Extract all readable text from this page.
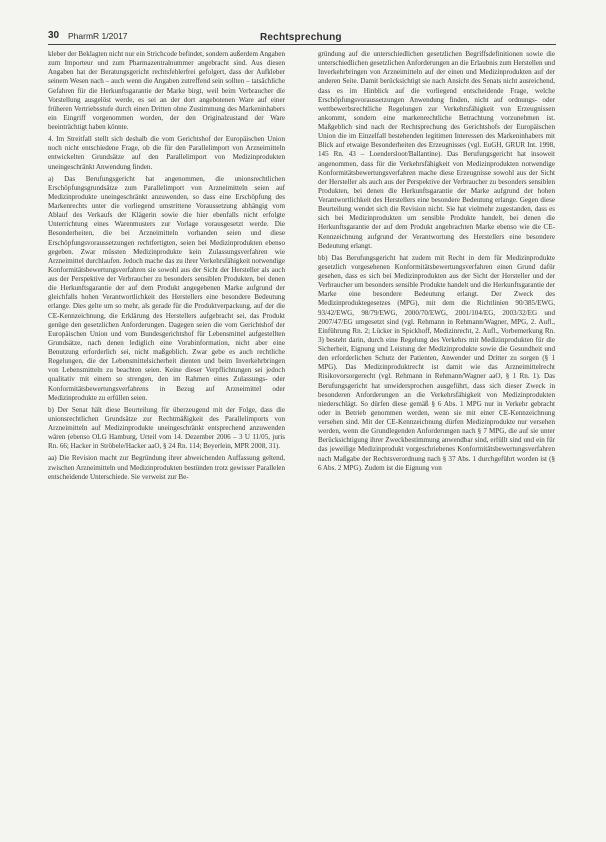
30 PharmR 1/2017	Rechtsprechung

kleber der Beklagten nicht nur ein Strichcode befindet, sondern außerdem Angaben zum Importeur und zum Pharmazentralnummer angebracht sind. Aus diesen Angaben hat der Beratungsgericht rechtsfehlerfrei gefolgert, dass der Aufkleber seinem Wesen nach – auch wenn die Angaben zutreffend sein sollten – tatsächliche Gefahren für die Herkunftsgarantie der Marke birgt, weil beim Verbraucher die Vorstellung ausgelöst werde, es sei an der dort angebotenen Ware auf einer früheren Vertriebsstufe durch einen Dritten ohne Zustimmung des Markeninhabers ein Eingriff vorgenommen worden, der den Originalzustand der Ware beeinträchtigt haben könnte.

4. Im Streitfall stellt sich deshalb die vom Gerichtshof der Europäischen Union noch nicht entschiedene Frage, ob die für den Parallelimport von Arzneimitteln entwickelten Grundsätze auf den Parallelimport von Medizinprodukten uneingeschränkt Anwendung finden.

a) Das Berufungsgericht hat angenommen, die unionsrechtlichen Erschöpfungsgrundsätze zum Parallelimport von Arzneimitteln seien auf Medizinprodukte uneingeschränkt anzuwenden, so dass eine Erschöpfung des Markenrechts unter die vorliegend umstrittene Voraussetzung abhängig vom Ablauf des Verkaufs der Klägerin sowie die hier ebenfalls nicht erfolgte Unterrichtung eines Warenmusters zur Vorlage vorausgesetzt werde. Die Besonderheiten, die bei Arzneimitteln vorhanden seien und diese Erschöpfungsvoraussetzungen rechtfertigten, seien bei Medizinprodukten ebenso gegeben. Zwar müssten Medizinprodukte kein Zulassungsverfahren wie Arzneimittel durchlaufen. Jedoch mache das zu ihrer Verkehrsfähigkeit notwendige Konformitätsbewertungsverfahren sie sowohl aus der Sicht der Hersteller als auch aus der Perspektive der Verbraucher zu besonders sensiblen Produkten, bei denen die Herkunftsgarantie der auf dem Produkt angegebenen Marke aufgrund der gleichfalls hohen Verantwortlichkeit des Herstellers eine besondere Bedeutung erlange. Dies gelte um so mehr, als gerade für die Produktverpackung, auf der die CE-Kennzeichnung, die Erklärung des Herstellers aufgebracht sei, das Produkt genüge den gesetzlichen Anforderungen. Dagegen seien die vom Gerichtshof der Europäischen Union und vom Bundesgerichtshof für Lebensmittel aufgestellten Grundsätze, nach denen lediglich eine Vorabinformation, nicht aber eine Benutzung erforderlich sei, nicht maßgeblich. Zwar gebe es auch rechtliche Regelungen, die der Lebensmittelsicherheit dienten und beim Inverkehrbringen von Lebensmitteln zu beachten seien. Keine dieser Verpflichtungen sei jedoch qualitativ mit einem so strengen, den im Rahmen eines Zulassungs- oder Konformitätsbewertungsverfahrens in Bezug auf Arzneimittel oder Medizinprodukte zu erfüllen seien.

b) Der Senat hält diese Beurteilung für überzeugend mit der Folge, dass die unionsrechtlichen Grundsätze zur Rechtmäßigkeit des Parallelimports von Arzneimitteln auf Medizinprodukte uneingeschränkt entsprechend anzuwenden wären (ebenso OLG Hamburg, Urteil vom 14. Dezember 2006 – 3 U 11/05, juris Rn. 66; Hacker in Ströbele/Hacker aaO, § 24 Rn. 114; Beyerlein, MPR 2008, 31).

aa) Die Revision macht zur Begründung ihrer abweichenden Auffassung geltend, zwischen Arzneimitteln und Medizinprodukten bestünden trotz gewisser Parallelen entscheidende Unterschiede. Sie verweist zur Be-

gründung auf die unterschiedlichen gesetzlichen Begriffsdefinitionen sowie die unterschiedlichen gesetzlichen Anforderungen an die Erlaubnis zum Herstellen und Inverkehrbringen von Arzneimitteln auf der einen und Medizinprodukten auf der anderen Seite. Damit berücksichtigt sie nach Ansicht des Senats nicht ausreichend, dass es im Hinblick auf die vorliegend entscheidende Frage, welche Erschöpfungsvoraussetzungen Anwendung finden, nicht auf ordnungs- oder wettbewerbsrechtliche Regelungen zur Verkehrsfähigkeit von Erzeugnissen ankommt, sondern eine markenrechtliche Betrachtung vorzunehmen ist. Maßgeblich sind nach der Rechtsprechung des Gerichtshofs der Europäischen Union die im Einzelfall bestehenden legitimen Interessen des Markeninhabers mit Blick auf etwaige Besonderheiten des Erzeugnisses (vgl. EuGH, GRUR Int. 1998, 145 Rn. 43 – Loendersloot/Ballantine). Das Berufungsgericht hat insoweit angenommen, dass für die Verkehrsfähigkeit von Medizinprodukten notwendige Konformitätsbewertungsverfahren mache diese Erzeugnisse sowohl aus der Sicht der Hersteller als auch aus der Perspektive der Verbraucher zu besonders sensiblen Produkten, bei denen die Herkunftsgarantie der Marke aufgrund der hohen Verantwortlichkeit des Herstellers eine besondere Bedeutung erlange. Gegen diese Beurteilung wendet sich die Revision nicht. Sie hat vielmehr zugestanden, dass es sich bei Medizinprodukten um sensible Produkte handelt, bei denen die Herkunftsgarantie der auf dem Produkt angebrachten Marke ebenso wie die CE-Kennzeichnung aufgrund der Verantwortung des Herstellers eine besondere Bedeutung erlangt.

bb) Das Berufungsgericht hat zudem mit Recht in dem für Medizinprodukte gesetzlich vorgesehenen Konformitätsbewertungsverfahren einen Grund dafür gesehen, dass es sich bei Medizinprodukten aus der Sicht der Hersteller und der Verbraucher um besonders sensible Produkte handelt und die Herkunftsgarantie der Marke eine besondere Bedeutung erlangt. Der Zweck des Medizinproduktegesetzes (MPG), mit dem die Richtlinien 90/385/EWG, 93/42/EWG, 98/79/EWG, 2000/70/EWG, 2001/104/EG, 2003/32/EG und 2007/47/EG umgesetzt sind (vgl. Rehmann in Rehmann/Wagner, MPG, 2. Aufl., Einführung Rn. 2; Lücker in Spickhoff, Medizinrecht, 2. Aufl., Vorbemerkung Rn. 3) besteht darin, durch eine Regelung des Verkehrs mit Medizinprodukten für die Sicherheit, Eignung und Leistung der Medizinprodukte sowie die Gesundheit und den erforderlichen Schutz der Patienten, Anwender und Dritter zu sorgen (§ 1 MPG). Das Medizinproduktrecht ist damit wie das Arzneimittelrecht Risikovorsorgerecht (vgl. Rehmann in Rehmann/Wagner aaO, § 1 Rn. 1). Das Berufungsgericht hat unwidersprochen ausgeführt, dass sich dieser Zweck in besonderen Anforderungen an die Verkehrsfähigkeit von Medizinprodukten niederschlägt. So dürfen diese gemäß § 6 Abs. 1 MPG nur in Verkehr gebracht oder in Betrieb genommen werden, wenn sie mit einer CE-Kennzeichnung versehen sind. Mit der CE-Kennzeichnung dürfen Medizinprodukte nur versehen werden, wenn die Grundlegenden Anforderungen nach § 7 MPG, die auf sie unter Berücksichtigung ihrer Zweckbestimmung anwendbar sind, erfüllt sind und ein für das jeweilige Medizinprodukt vorgeschriebenes Konformitätsbewertungsverfahren nach Maßgabe der Rechtsverordnung nach § 37 Abs. 1 durchgeführt worden ist (§ 6 Abs. 2 MPG). Zudem ist die Eignung von
